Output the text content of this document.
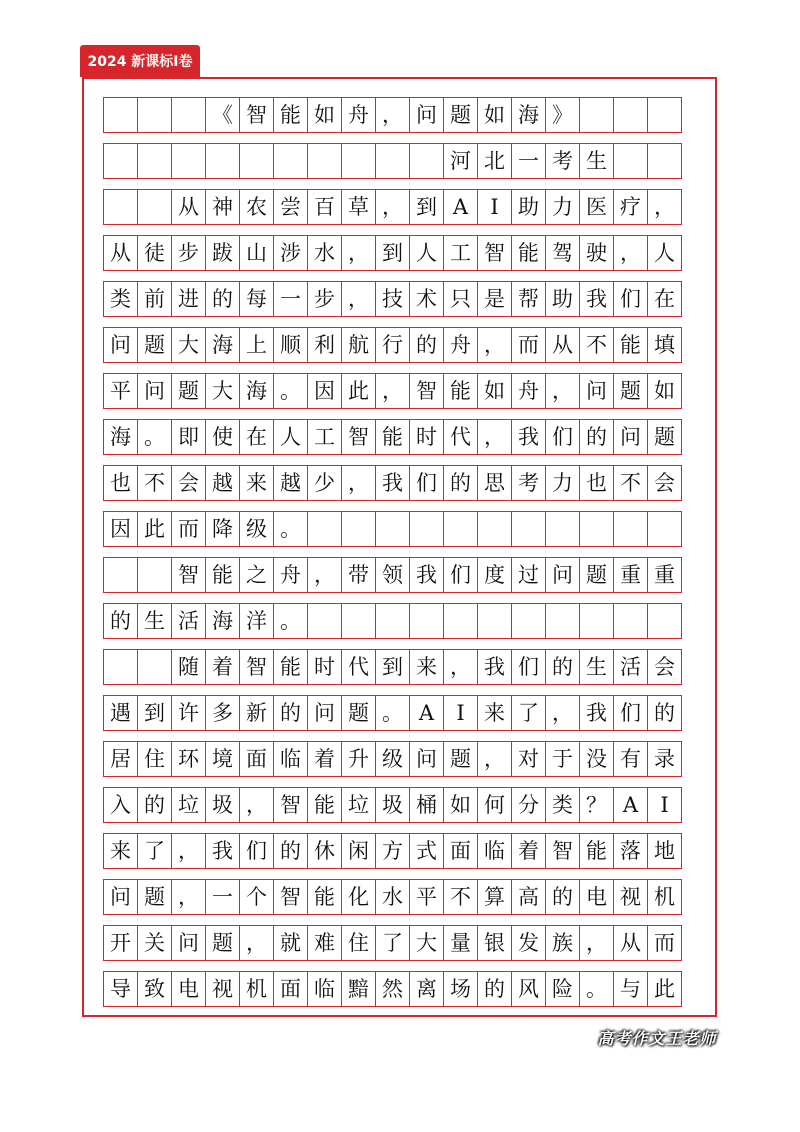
2024 新课标Ⅰ卷
《 智 能 如 舟 ， 问 题 如 海 》
河 北 一 考 生
从 神 农 尝 百 草 ， 到 A	I 助 力 医 疗 ，
从 徒 步 跋 山 涉 水 ， 到 人 工 智 能 驾 驶 ， 人
类 前 进 的 每 一 步 ， 技 术 只 是 帮 助 我 们 在
问 题 大 海 上 顺 利 航 行 的 舟 ， 而 从 不 能 填
平 问 题 大 海 。 因 此 ， 智 能 如 舟 ， 问 题 如
海 。 即 使 在 人 工 智 能 时 代 ， 我 们 的 问 题
也 不 会 越 来 越 少 ， 我 们 的 思 考 力 也 不 会
因 此 而 降 级 。
智 能 之 舟 ， 带 领 我 们 度 过 问 题 重 重
的 生 活 海 洋 。
随 着 智 能 时 代 到 来 ， 我 们 的 生 活 会
遇 到 许 多 新 的 问 题 。 A	I 来 了 ， 我 们 的
居 住 环 境 面 临 着 升 级 问 题 ， 对 于 没 有 录
入 的 垃 圾 ， 智 能 垃 圾 桶 如 何 分 类 ？ A	I
来 了 ， 我 们 的 休 闲 方 式 面 临 着 智 能 落 地
问 题 ， 一 个 智 能 化 水 平 不 算 高 的 电 视 机
开 关 问 题 ， 就 难 住 了 大 量 银 发 族 ， 从 而
导 致 电 视 机 面 临 黯 然 离 场 的 风 险 。 与 此
高考作文王老师
